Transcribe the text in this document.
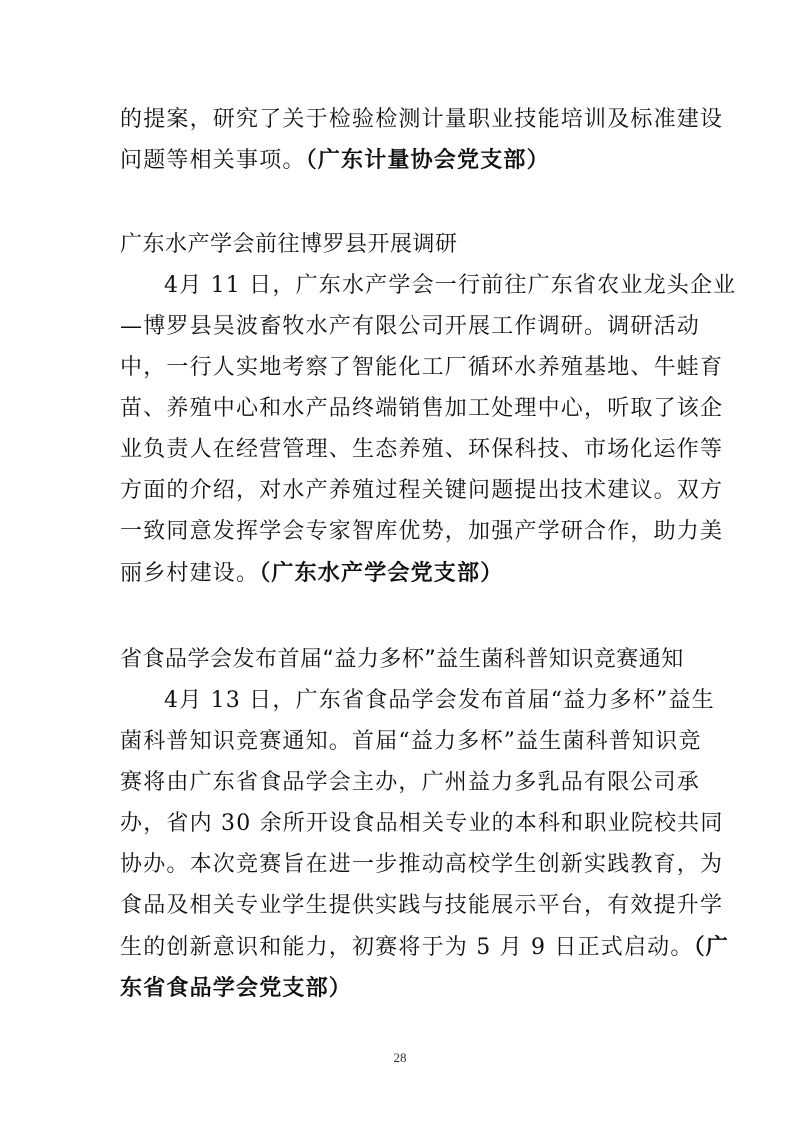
的提案，研究了关于检验检测计量职业技能培训及标准建设
问题等相关事项。（广东计量协会党支部）
广东水产学会前往博罗县开展调研
4月 11 日，广东水产学会一行前往广东省农业龙头企业
—博罗县吴波畜牧水产有限公司开展工作调研。调研活动
中，一行人实地考察了智能化工厂循环水养殖基地、牛蛙育
苗、养殖中心和水产品终端销售加工处理中心，听取了该企
业负责人在经营管理、生态养殖、环保科技、市场化运作等
方面的介绍，对水产养殖过程关键问题提出技术建议。双方
一致同意发挥学会专家智库优势，加强产学研合作，助力美
丽乡村建设。（广东水产学会党支部）
省食品学会发布首届“益力多杯”益生菌科普知识竞赛通知
4月 13 日，广东省食品学会发布首届“益力多杯”益生
菌科普知识竞赛通知。首届“益力多杯”益生菌科普知识竞
赛将由广东省食品学会主办，广州益力多乳品有限公司承
办，省内 30 余所开设食品相关专业的本科和职业院校共同
协办。本次竞赛旨在进一步推动高校学生创新实践教育，为
食品及相关专业学生提供实践与技能展示平台，有效提升学
生的创新意识和能力，初赛将于为 5 月 9 日正式启动。（广
东省食品学会党支部）
28
